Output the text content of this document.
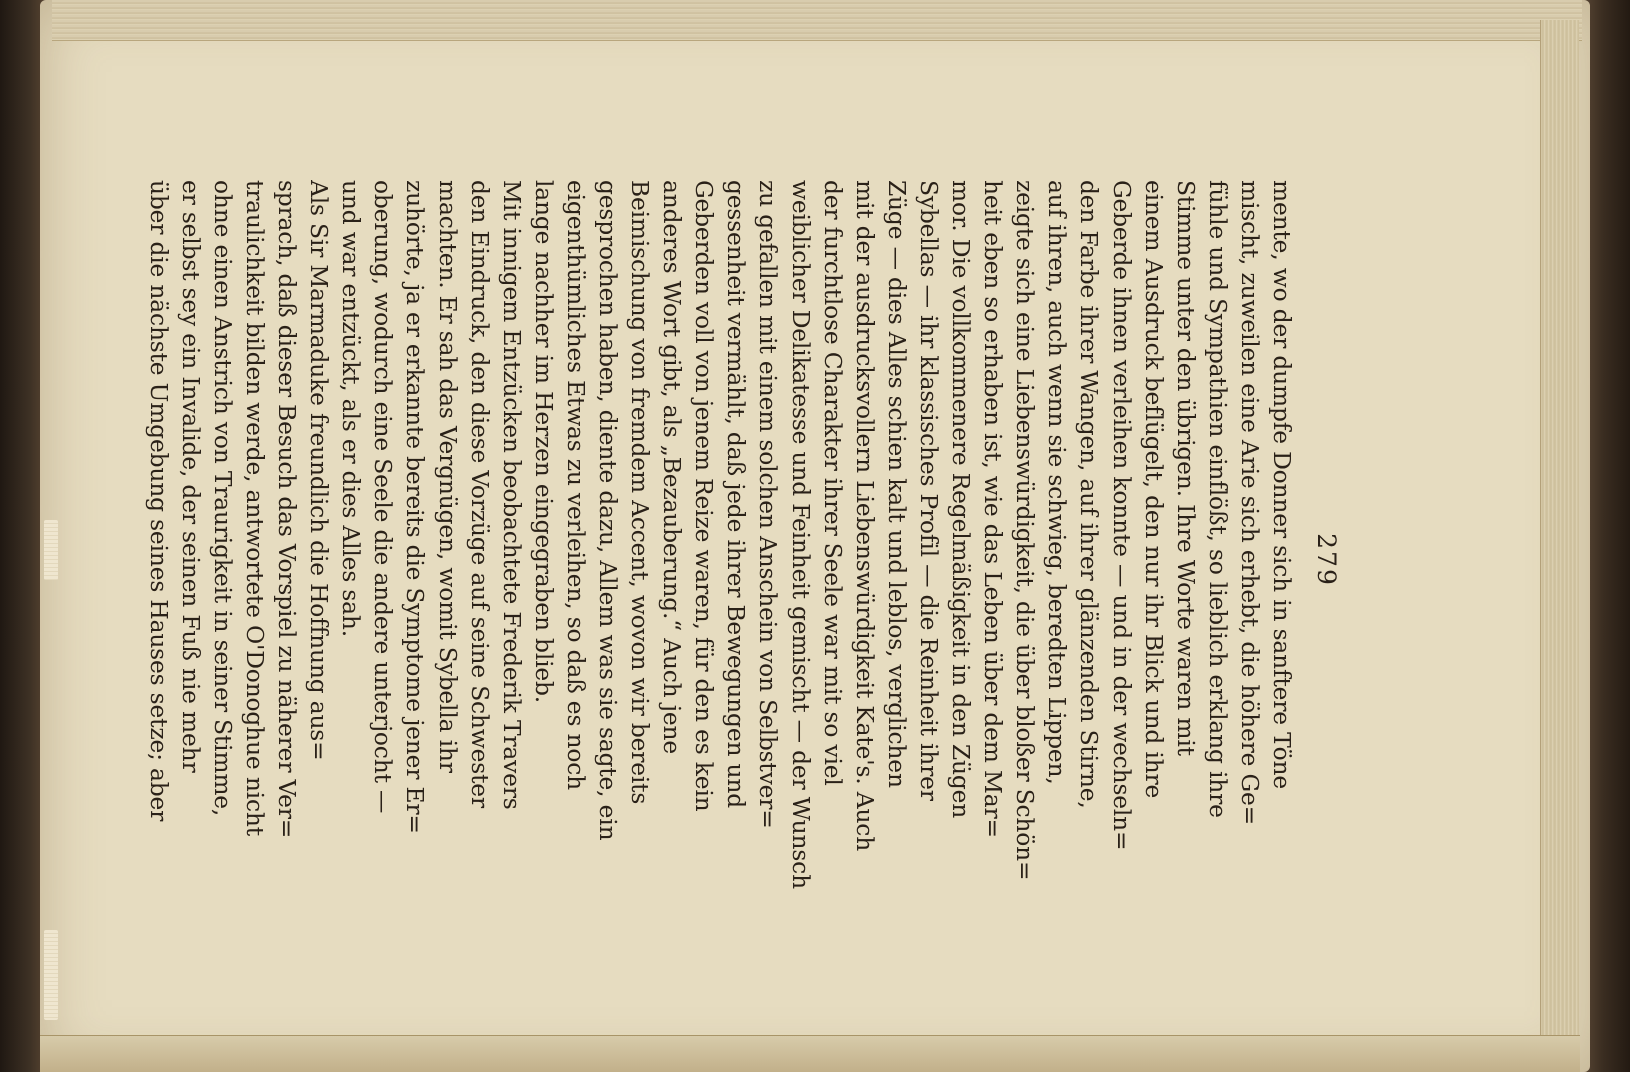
279
mente, wo der dumpfe Donner sich in sanftere Töne
mischt, zuweilen eine Arie sich erhebt, die höhere Ge=
fühle und Sympathien einflößt, so lieblich erklang ihre
Stimme unter den übrigen. Ihre Worte waren mit
einem Ausdruck beflügelt, den nur ihr Blick und ihre
Geberde ihnen verleihen konnte — und in der wechseln=
den Farbe ihrer Wangen, auf ihrer glänzenden Stirne,
auf ihren, auch wenn sie schwieg, beredten Lippen,
zeigte sich eine Liebenswürdigkeit, die über bloßer Schön=
heit eben so erhaben ist, wie das Leben über dem Mar=
mor. Die vollkommenere Regelmäßigkeit in den Zügen
Sybellas — ihr klassisches Profil — die Reinheit ihrer
Züge — dies Alles schien kalt und leblos, verglichen
mit der ausdrucksvollern Liebenswürdigkeit Kate's. Auch
der furchtlose Charakter ihrer Seele war mit so viel
weiblicher Delikatesse und Feinheit gemischt — der Wunsch
zu gefallen mit einem solchen Anschein von Selbstver=
gessenheit vermählt, daß jede ihrer Bewegungen und
Geberden voll von jenem Reize waren, für den es kein
anderes Wort gibt, als „Bezauberung.“ Auch jene
Beimischung von fremdem Accent, wovon wir bereits
gesprochen haben, diente dazu, Allem was sie sagte, ein
eigenthümliches Etwas zu verleihen, so daß es noch
lange nachher im Herzen eingegraben blieb.
Mit innigem Entzücken beobachtete Frederik Travers
den Eindruck, den diese Vorzüge auf seine Schwester
machten. Er sah das Vergnügen, womit Sybella ihr
zuhörte, ja er erkannte bereits die Symptome jener Er=
oberung, wodurch eine Seele die andere unterjocht —
und war entzückt, als er dies Alles sah.
Als Sir Marmaduke freundlich die Hoffnung aus=
sprach, daß dieser Besuch das Vorspiel zu näherer Ver=
traulichkeit bilden werde, antwortete O'Donoghue nicht
ohne einen Anstrich von Traurigkeit in seiner Stimme,
er selbst sey ein Invalide, der seinen Fuß nie mehr
über die nächste Umgebung seines Hauses setze; aber
